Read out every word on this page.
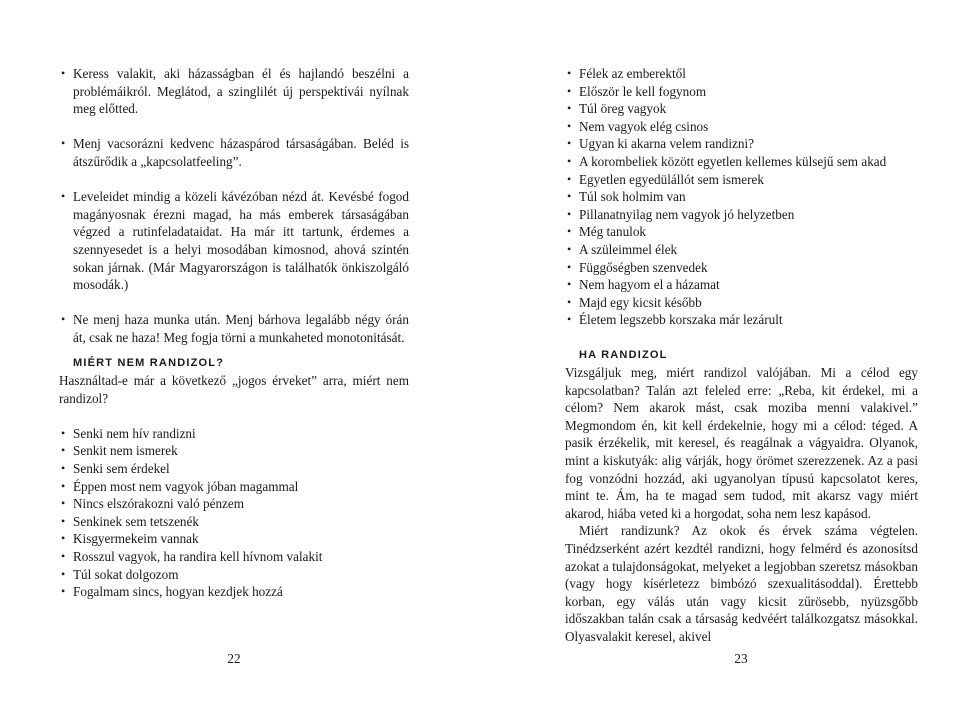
• Keress valakit, aki házasságban él és hajlandó beszélni a problémáikról. Meglátod, a szinglilét új perspektívái nyílnak meg előtted.
• Menj vacsorázni kedvenc házaspárod társaságában. Beléd is átszűrődik a „kapcsolatfeeling”.
• Leveleidet mindig a közeli kávézóban nézd át. Kevésbé fogod magányosnak érezni magad, ha más emberek társaságában végzed a rutinfeladataidat. Ha már itt tartunk, érdemes a szennyesedet is a helyi mosodában kimosnod, ahová szintén sokan járnak. (Már Magyarországon is találhatók önkiszolgáló mosodák.)
• Ne menj haza munka után. Menj bárhova legalább négy órán át, csak ne haza! Meg fogja törni a munkaheted monotonitását.
MIÉRT NEM RANDIZOL?

Használtad-e már a következő „jogos érveket” arra, miért nem randizol?

• Senki nem hív randizni
• Senkit nem ismerek
• Senki sem érdekel
• Éppen most nem vagyok jóban magammal
• Nincs elszórakozni való pénzem
• Senkinek sem tetszenék
• Kisgyermekeim vannak
• Rosszul vagyok, ha randira kell hívnom valakit
• Túl sokat dolgozom
• Fogalmam sincs, hogyan kezdjek hozzá
22
• Félek az emberektől
• Először le kell fogynom
• Túl öreg vagyok
• Nem vagyok elég csinos
• Ugyan ki akarna velem randizni?
• A korombeliek között egyetlen kellemes külsejű sem akad
• Egyetlen egyedülállót sem ismerek
• Túl sok holmim van
• Pillanatnyilag nem vagyok jó helyzetben
• Még tanulok
• A szüleimmel élek
• Függőségben szenvedek
• Nem hagyom el a házamat
• Majd egy kicsit később
• Életem legszebb korszaka már lezárult
HA RANDIZOL

Vizsgáljuk meg, miért randizol valójában. Mi a célod egy kapcsolatban? Talán azt feleled erre: „Reba, kit érdekel, mi a célom? Nem akarok mást, csak moziba menni valakivel.” Megmondom én, kit kell érdekelnie, hogy mi a célod: téged. A pasik érzékelik, mit keresel, és reagálnak a vágyaidra. Olyanok, mint a kiskutyák: alig várják, hogy örömet szerezzenek. Az a pasi fog vonzódni hozzád, aki ugyanolyan típusú kapcsolatot keres, mint te. Ám, ha te magad sem tudod, mit akarsz vagy miért akarod, hiába veted ki a horgodat, soha nem lesz kapásod.

Miért randizunk? Az okok és érvek száma végtelen. Tinédzserként azért kezdtél randizni, hogy felmérd és azonosítsd azokat a tulajdonságokat, melyeket a legjobban szeretsz másokban (vagy hogy kísérletezz bimbózó szexualitásoddal). Érettebb korban, egy válás után vagy kicsit zűrösebb, nyüzsgőbb időszakban talán csak a társaság kedvéért találkozgatsz másokkal. Olyasvalakit keresel, akivel

23
